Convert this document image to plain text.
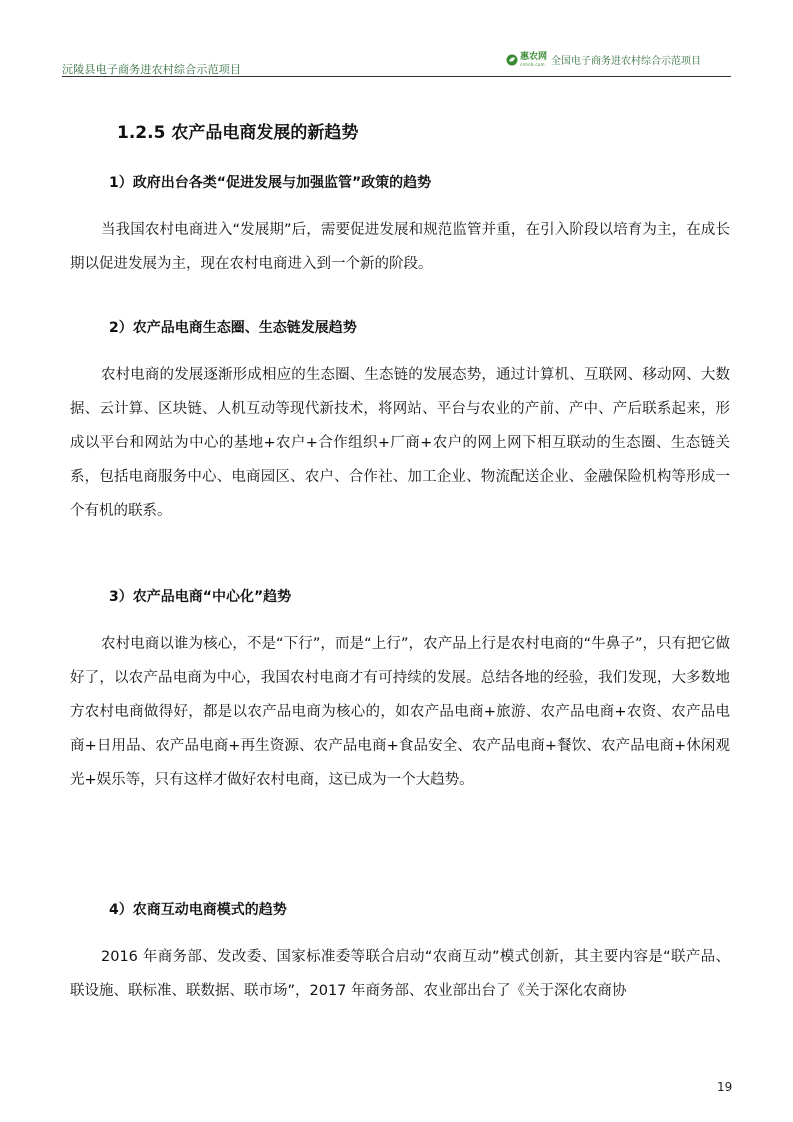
沅陵县电子商务进农村综合示范项目
惠农网
cnhnb.com 全国电子商务进农村综合示范项目
1.2.5 农产品电商发展的新趋势
1）政府出台各类“促进发展与加强监管”政策的趋势
当我国农村电商进入“发展期”后，需要促进发展和规范监管并重，在引入阶段以培育为主，在成长期以促进发展为主，现在农村电商进入到一个新的阶段。
2）农产品电商生态圈、生态链发展趋势
农村电商的发展逐渐形成相应的生态圈、生态链的发展态势，通过计算机、互联网、移动网、大数据、云计算、区块链、人机互动等现代新技术，将网站、平台与农业的产前、产中、产后联系起来，形成以平台和网站为中心的基地+农户+合作组织+厂商+农户的网上网下相互联动的生态圈、生态链关系，包括电商服务中心、电商园区、农户、合作社、加工企业、物流配送企业、金融保险机构等形成一个有机的联系。
3）农产品电商“中心化”趋势
农村电商以谁为核心，不是“下行”，而是“上行”，农产品上行是农村电商的“牛鼻子”，只有把它做好了，以农产品电商为中心，我国农村电商才有可持续的发展。总结各地的经验，我们发现，大多数地方农村电商做得好，都是以农产品电商为核心的，如农产品电商+旅游、农产品电商+农资、农产品电商+日用品、农产品电商+再生资源、农产品电商+食品安全、农产品电商+餐饮、农产品电商+休闲观光+娱乐等，只有这样才做好农村电商，这已成为一个大趋势。
4）农商互动电商模式的趋势
2016 年商务部、发改委、国家标准委等联合启动“农商互动”模式创新，其主要内容是“联产品、联设施、联标准、联数据、联市场”，2017 年商务部、农业部出台了《关于深化农商协
19
